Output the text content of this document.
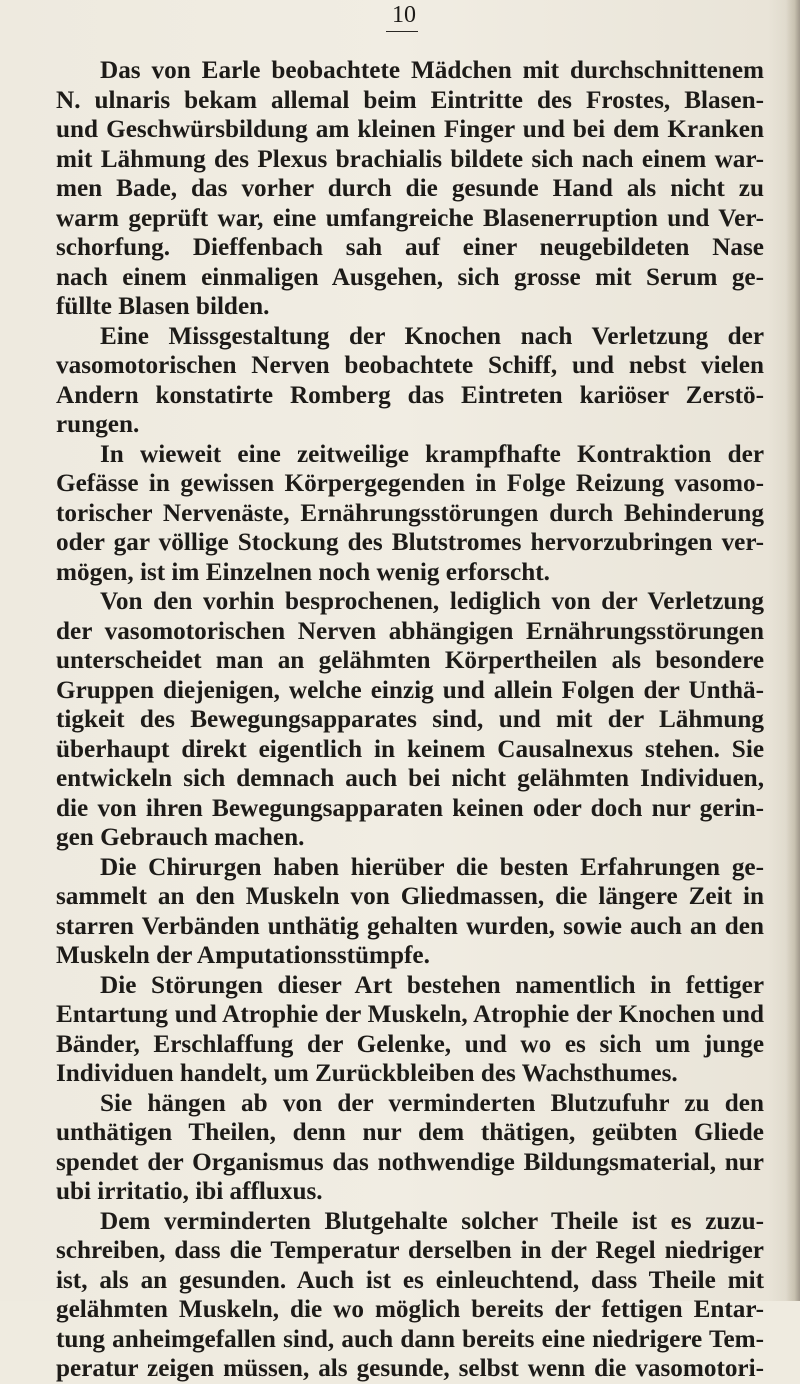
10
Das von Earle beobachtete Mädchen mit durchschnittenem
N. ulnaris bekam allemal beim Eintritte des Frostes, Blasen-
und Geschwürsbildung am kleinen Finger und bei dem Kranken
mit Lähmung des Plexus brachialis bildete sich nach einem war-
men Bade, das vorher durch die gesunde Hand als nicht zu
warm geprüft war, eine umfangreiche Blasenerruption und Ver-
schorfung. Dieffenbach sah auf einer neugebildeten Nase
nach einem einmaligen Ausgehen, sich grosse mit Serum ge-
füllte Blasen bilden.
Eine Missgestaltung der Knochen nach Verletzung der
vasomotorischen Nerven beobachtete Schiff, und nebst vielen
Andern konstatirte Romberg das Eintreten kariöser Zerstö-
rungen.
In wieweit eine zeitweilige krampfhafte Kontraktion der
Gefässe in gewissen Körpergegenden in Folge Reizung vasomo-
torischer Nervenäste, Ernährungsstörungen durch Behinderung
oder gar völlige Stockung des Blutstromes hervorzubringen ver-
mögen, ist im Einzelnen noch wenig erforscht.
Von den vorhin besprochenen, lediglich von der Verletzung
der vasomotorischen Nerven abhängigen Ernährungsstörungen
unterscheidet man an gelähmten Körpertheilen als besondere
Gruppen diejenigen, welche einzig und allein Folgen der Unthä-
tigkeit des Bewegungsapparates sind, und mit der Lähmung
überhaupt direkt eigentlich in keinem Causalnexus stehen. Sie
entwickeln sich demnach auch bei nicht gelähmten Individuen,
die von ihren Bewegungsapparaten keinen oder doch nur gerin-
gen Gebrauch machen.
Die Chirurgen haben hierüber die besten Erfahrungen ge-
sammelt an den Muskeln von Gliedmassen, die längere Zeit in
starren Verbänden unthätig gehalten wurden, sowie auch an den
Muskeln der Amputationsstümpfe.
Die Störungen dieser Art bestehen namentlich in fettiger
Entartung und Atrophie der Muskeln, Atrophie der Knochen und
Bänder, Erschlaffung der Gelenke, und wo es sich um junge
Individuen handelt, um Zurückbleiben des Wachsthumes.
Sie hängen ab von der verminderten Blutzufuhr zu den
unthätigen Theilen, denn nur dem thätigen, geübten Gliede
spendet der Organismus das nothwendige Bildungsmaterial, nur
ubi irritatio, ibi affluxus.
Dem verminderten Blutgehalte solcher Theile ist es zuzu-
schreiben, dass die Temperatur derselben in der Regel niedriger
ist, als an gesunden. Auch ist es einleuchtend, dass Theile mit
gelähmten Muskeln, die wo möglich bereits der fettigen Entar-
tung anheimgefallen sind, auch dann bereits eine niedrigere Tem-
peratur zeigen müssen, als gesunde, selbst wenn die vasomotori-
